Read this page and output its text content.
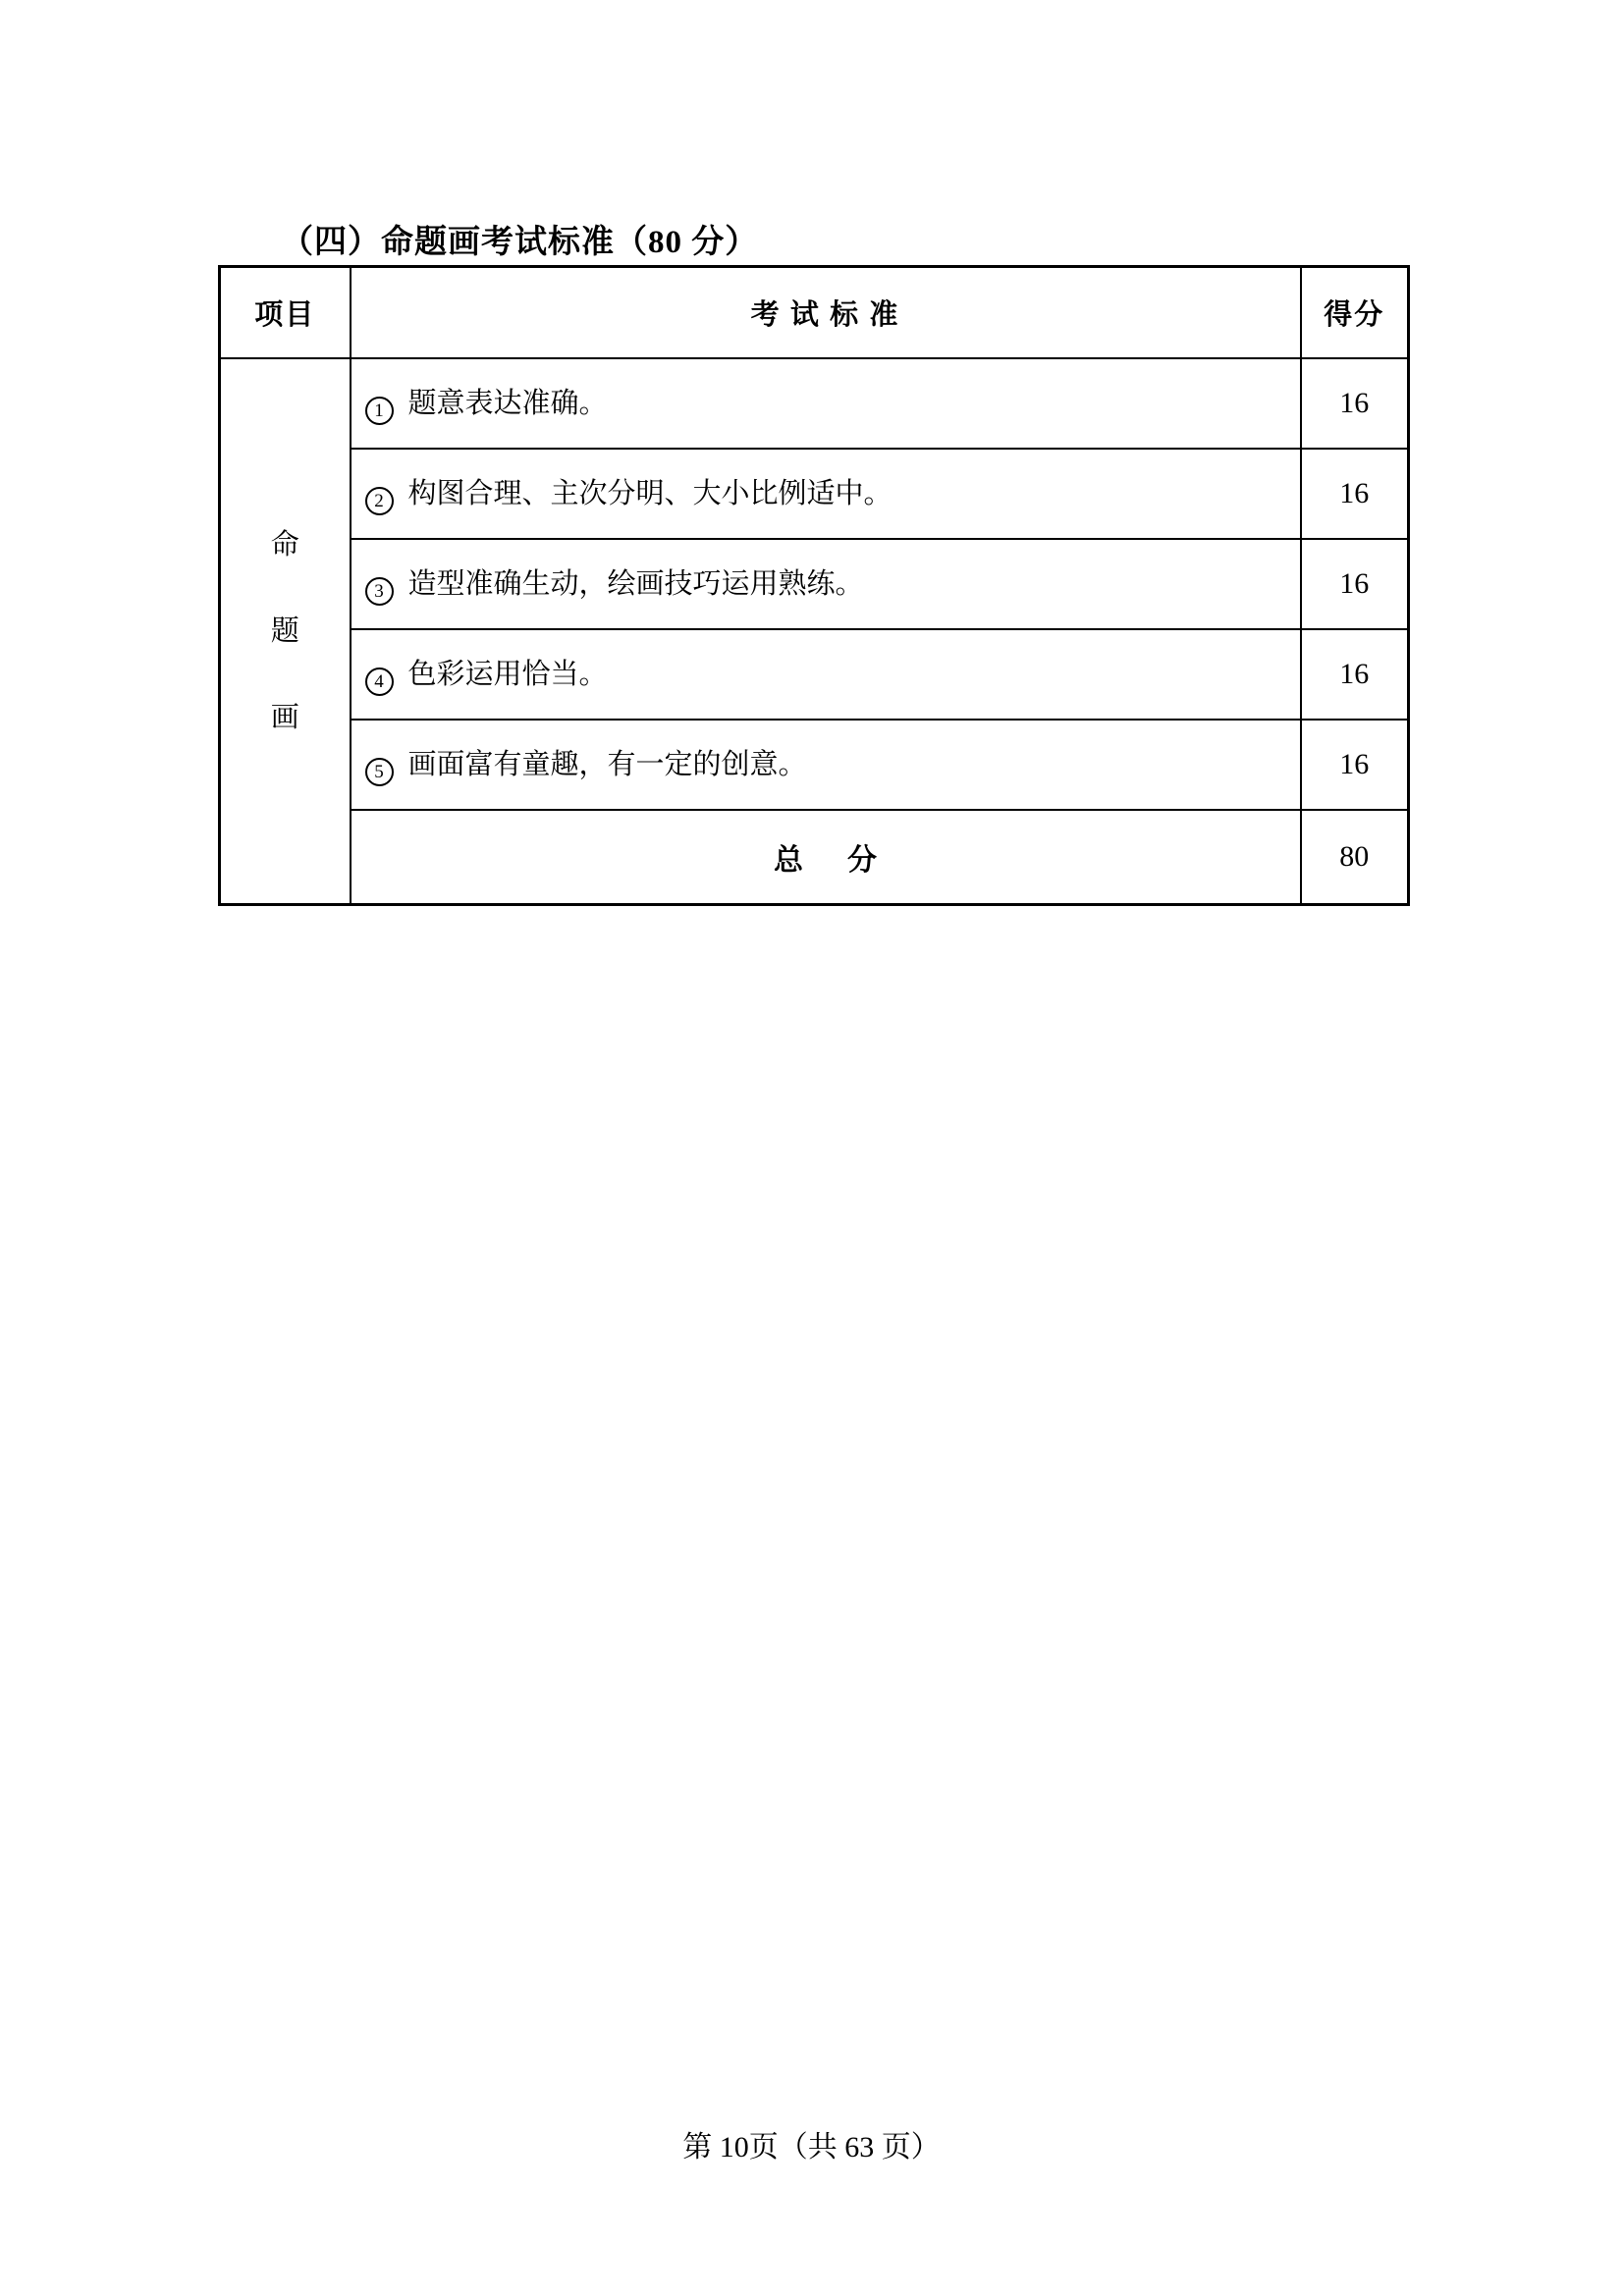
（四）命题画考试标准（80 分）
项目	考 试 标 准	得分

命
题
画	1 题意表达准确。	16
	2 构图合理、主次分明、大小比例适中。	16
	3 造型准确生动，绘画技巧运用熟练。	16
	4 色彩运用恰当。	16
	5 画面富有童趣，有一定的创意。	16
	总      分	80
第 10页（共 63 页）
